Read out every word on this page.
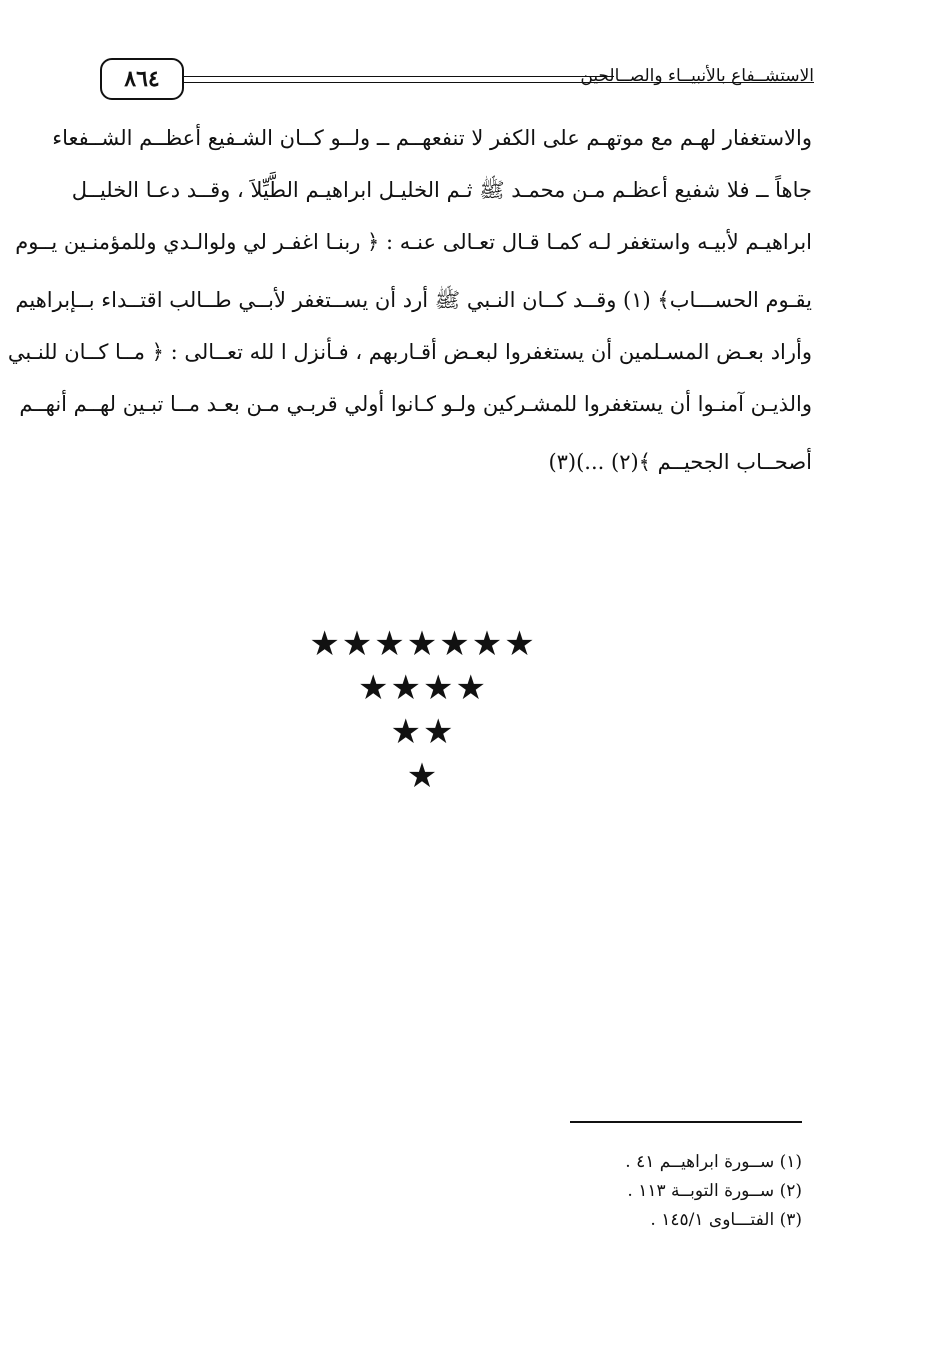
٨٦٤	الاستشــفاع بالأنبيــاء والصــالحين
والاستغفار لهـم مع موتهـم على الكفر لا تنفعهــم ــ ولــو كــان الشـفيع أعظــم الشــفعاء
جاهاً ــ فلا شفيع أعظـم مـن محمـد ﷺ ثـم الخليـل ابراهيـم الطَّيِّلاَ ، وقــد دعـا الخليــل
ابراهيـم لأبيـه واستغفر لـه كمـا قـال تعـالى عنـه : ﴿ ربنـا اغفـر لي ولوالـدي وللمؤمنـين يــوم
يقـوم الحســـاب﴾ (١) وقــد كــان النـبي ﷺ أرد أن يســتغفر لأبــي طــالب اقتــداء بــإبراهيم
وأراد بعـض المسـلمين أن يستغفروا لبعـض أقـاربهم ، فـأنزل ا لله تعــالى : ﴿ مــا كــان للنـبي
والذيـن آمنـوا أن يستغفروا للمشـركين ولـو كـانوا أولي قربـي مـن بعـد مــا تبـين لهــم أنهــم
أصحــاب الجحيــم ﴾(٢) ...)(٣)
★★★★★★★
★★★★
★★
★
(١) ســورة ابراهيــم ٤١ .
(٢) ســورة التوبــة ١١٣ .
(٣) الفتـــاوى ١٤٥/١ .
